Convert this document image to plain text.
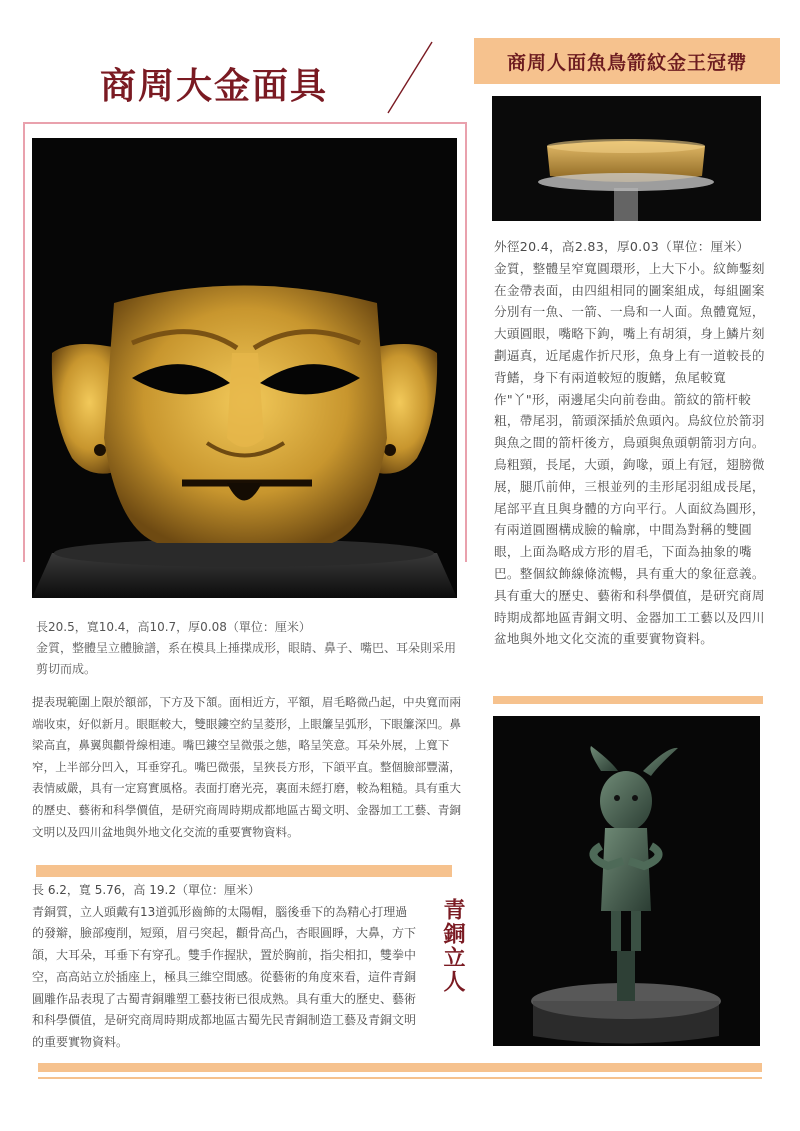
商周大金面具
商周人面魚鳥箭紋金王冠帶

長20.5，寬10.4，高10.7，厚0.08（單位：厘米）

金質，整體呈立體臉譜，系在模具上捶揲成形，眼睛、鼻子、嘴巴、耳朵則采用剪切而成。

提表現範圍上限於額部，下方及下頷。面相近方，平額，眉毛略微凸起，中央寬而兩端收束，好似新月。眼眶較大，雙眼鏤空約呈菱形，上眼簾呈弧形，下眼簾深凹。鼻梁高直，鼻翼與顴骨線相連。嘴巴鏤空呈微張之態，略呈笑意。耳朵外展，上寬下窄，上半部分凹入，耳垂穿孔。嘴巴微張，呈狹長方形，下頜平直。整個臉部豐滿，表情威嚴，具有一定寫實風格。表面打磨光亮，裏面未經打磨，較為粗糙。具有重大的歷史、藝術和科學價值，是研究商周時期成都地區古蜀文明、金器加工工藝、青銅文明以及四川盆地與外地文化交流的重要實物資料。

外徑20.4，高2.83，厚0.03（單位：厘米）

金質，整體呈窄寬圓環形，上大下小。紋飾鏨刻在金帶表面，由四組相同的圖案組成，每組圖案分別有一魚、一箭、一鳥和一人面。魚體寬短，大頭圓眼，嘴略下鉤，嘴上有胡須，身上鱗片刻劃逼真，近尾處作折尺形，魚身上有一道較長的背鰭，身下有兩道較短的腹鰭，魚尾較寬作"丫"形，兩邊尾尖向前卷曲。箭紋的箭杆較粗，帶尾羽，箭頭深插於魚頭內。鳥紋位於箭羽與魚之間的箭杆後方，鳥頭與魚頭朝箭羽方向。鳥粗頸，長尾，大頭，鉤喙，頭上有冠，翅膀微展，腿爪前伸，三根並列的圭形尾羽組成長尾，尾部平直且與身體的方向平行。人面紋為圓形，有兩道圓圈構成臉的輪廓，中間為對稱的雙圓眼，上面為略成方形的眉毛，下面為抽象的嘴巴。整個紋飾線條流暢，具有重大的象征意義。具有重大的歷史、藝術和科學價值，是研究商周時期成都地區青銅文明、金器加工工藝以及四川盆地與外地文化交流的重要實物資料。

長 6.2，寬 5.76，高 19.2（單位：厘米）

青銅質，立人頭戴有13道弧形齒飾的太陽帽，腦後垂下的為精心打理過的發辮，臉部瘦削，短頸，眉弓突起，顴骨高凸，杏眼圓睜，大鼻，方下頜，大耳朵，耳垂下有穿孔。雙手作握狀，置於胸前，指尖相扣，雙拳中空，高高站立於插座上，極具三維空間感。從藝術的角度來看，這件青銅圓雕作品表現了古蜀青銅雕塑工藝技術已很成熟。具有重大的歷史、藝術和科學價值，是研究商周時期成都地區古蜀先民青銅制造工藝及青銅文明的重要實物資料。

青銅立人
